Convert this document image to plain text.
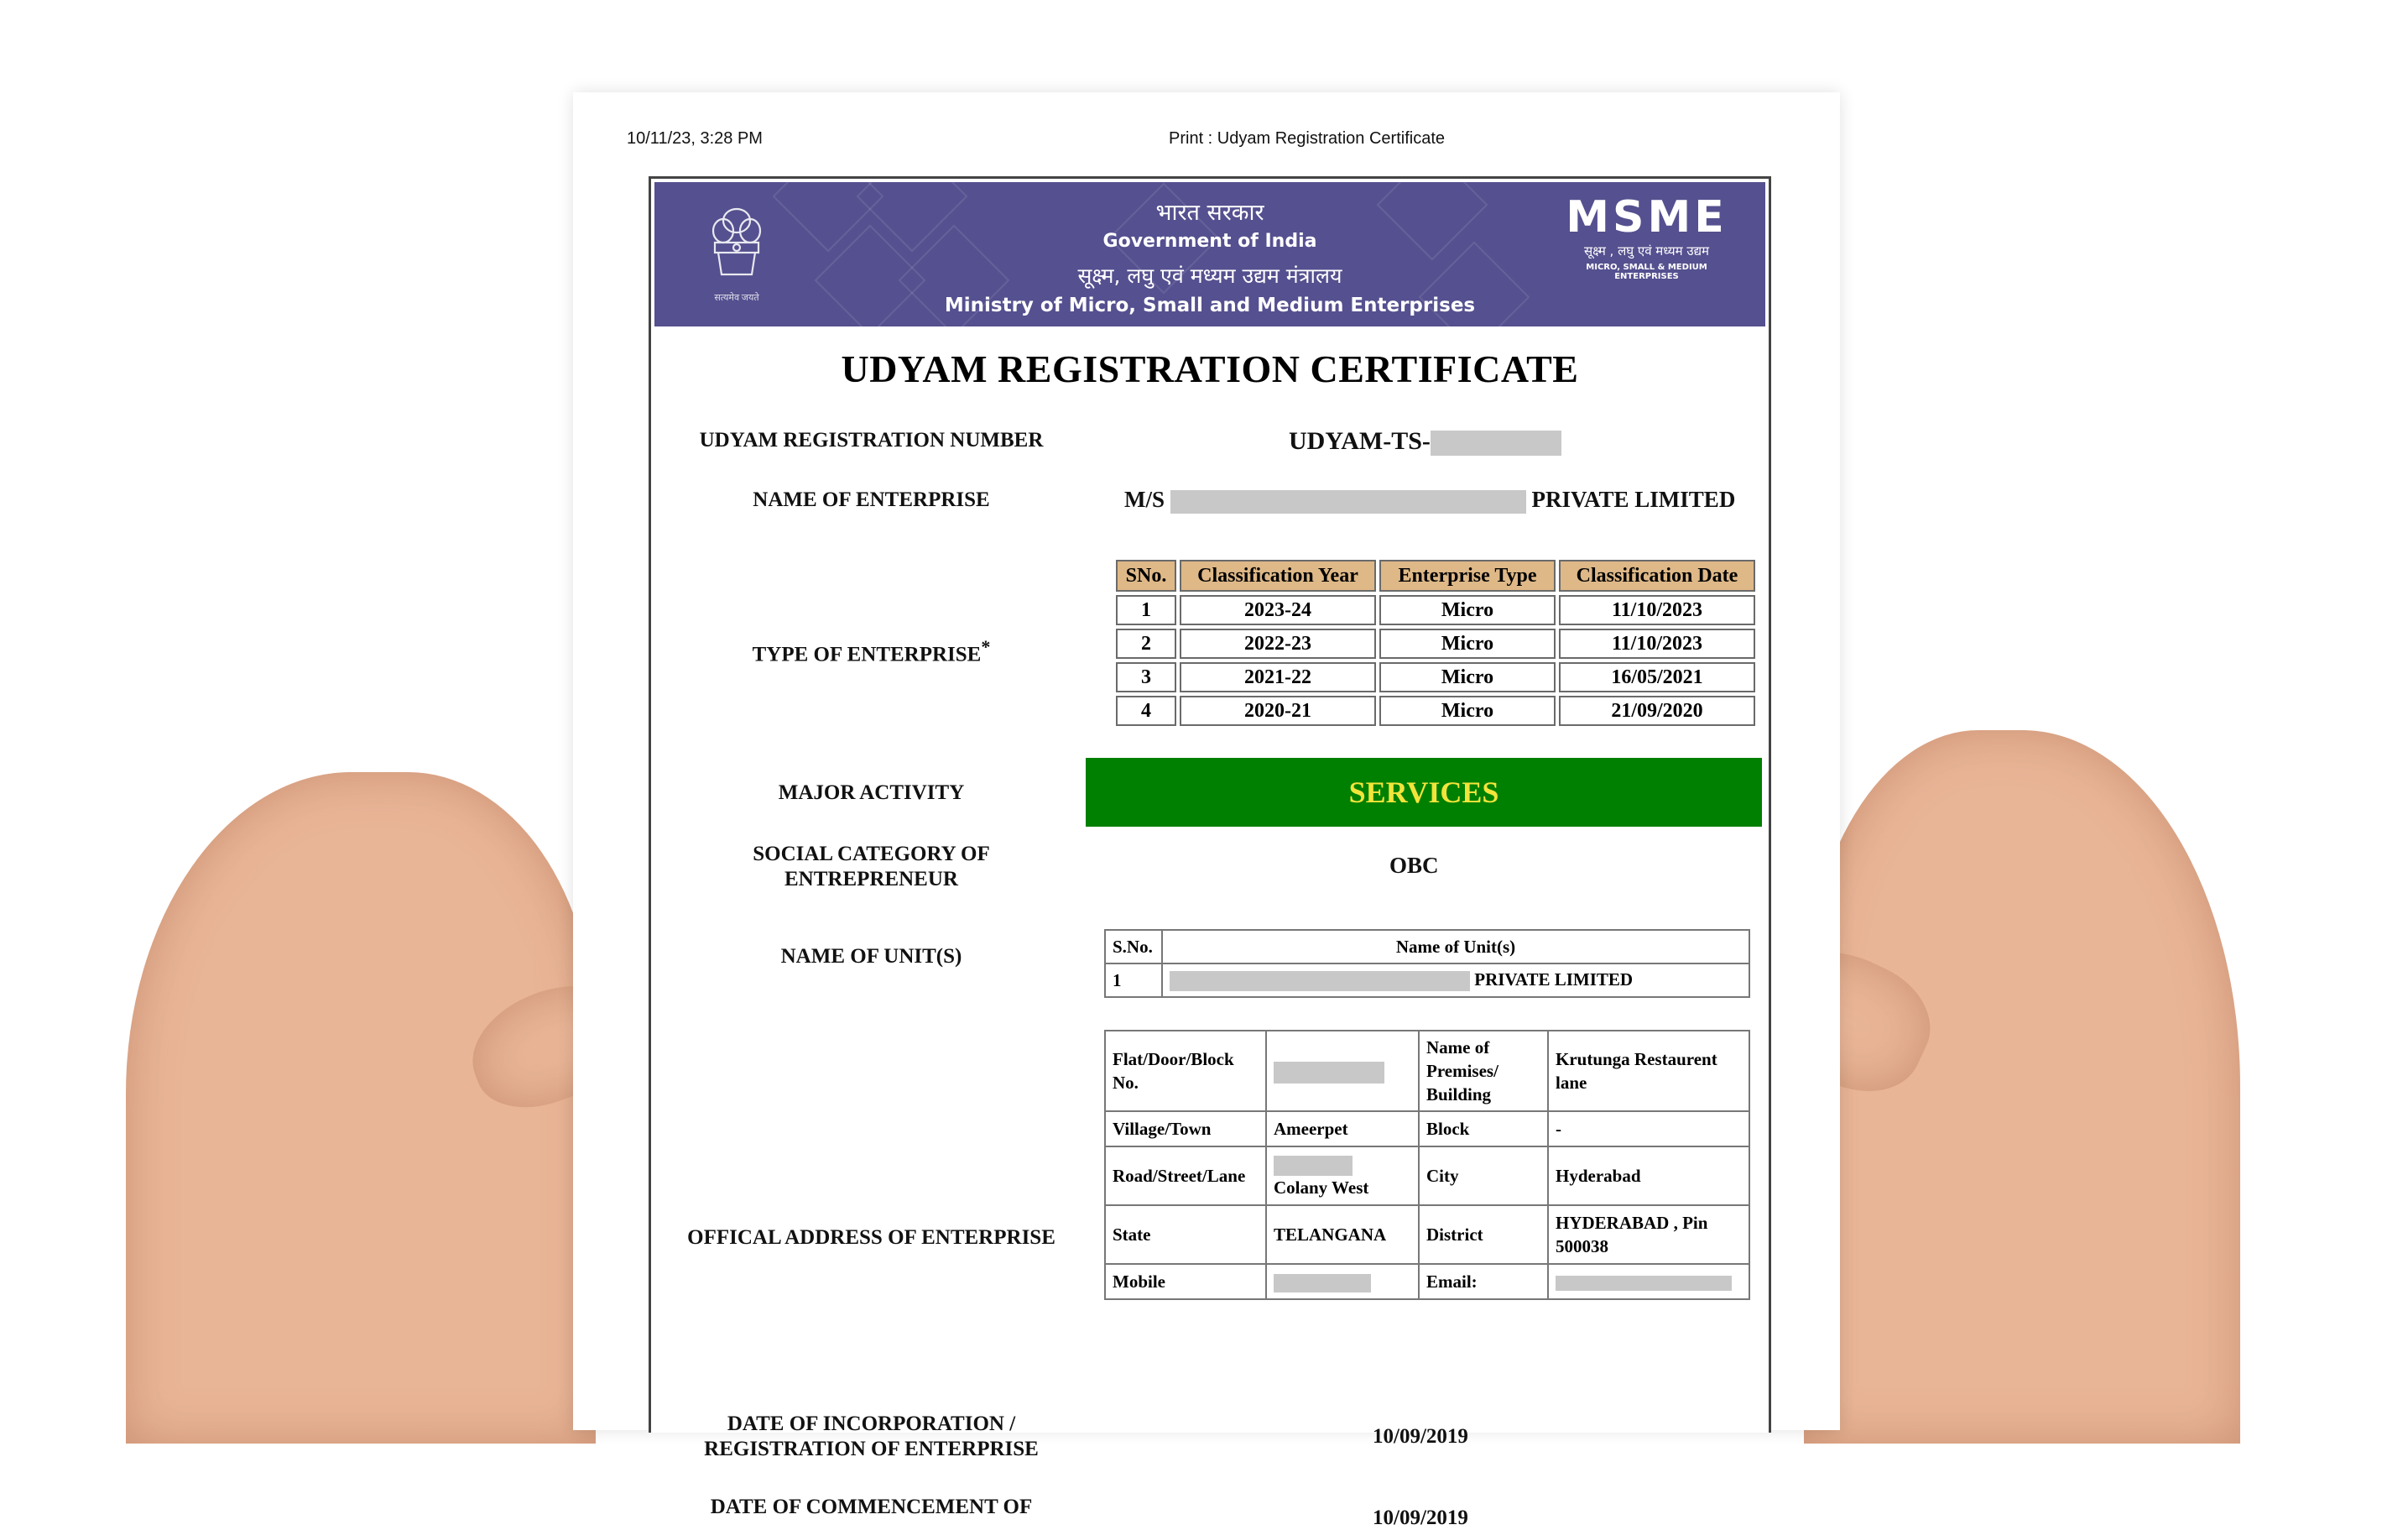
10/11/23, 3:28 PM	Print : Udyam Registration Certificate
सत्यमेव जयते
भारत सरकार
Government of India
सूक्ष्म, लघु एवं मध्यम उद्यम मंत्रालय
Ministry of Micro, Small and Medium Enterprises
MSME
सूक्ष्म , लघु एवं मध्यम उद्यम
MICRO, SMALL & MEDIUM ENTERPRISES
UDYAM REGISTRATION CERTIFICATE
UDYAM REGISTRATION NUMBER	UDYAM-TS-
NAME OF ENTERPRISE	M/S	PRIVATE LIMITED
TYPE OF ENTERPRISE*
SNo.	Classification Year	Enterprise Type	Classification Date
1	2023-24	Micro	11/10/2023
2	2022-23	Micro	11/10/2023
3	2021-22	Micro	16/05/2021
4	2020-21	Micro	21/09/2020
MAJOR ACTIVITY	SERVICES
SOCIAL CATEGORY OF
ENTREPRENEUR
OBC
NAME OF UNIT(S)	S.No.	Name of Unit(s)
1	PRIVATE LIMITED
OFFICAL ADDRESS OF ENTERPRISE
Flat/Door/Block No.		Name of Premises/ Building	Krutunga Restaurent lane
Village/Town	Ameerpet	Block	-
Road/Street/Lane	Colany West	City	Hyderabad
State	TELANGANA	District	HYDERABAD , Pin 500038
Mobile		Email:	
DATE OF INCORPORATION /
REGISTRATION OF ENTERPRISE
10/09/2019
DATE OF COMMENCEMENT OF	10/09/2019
